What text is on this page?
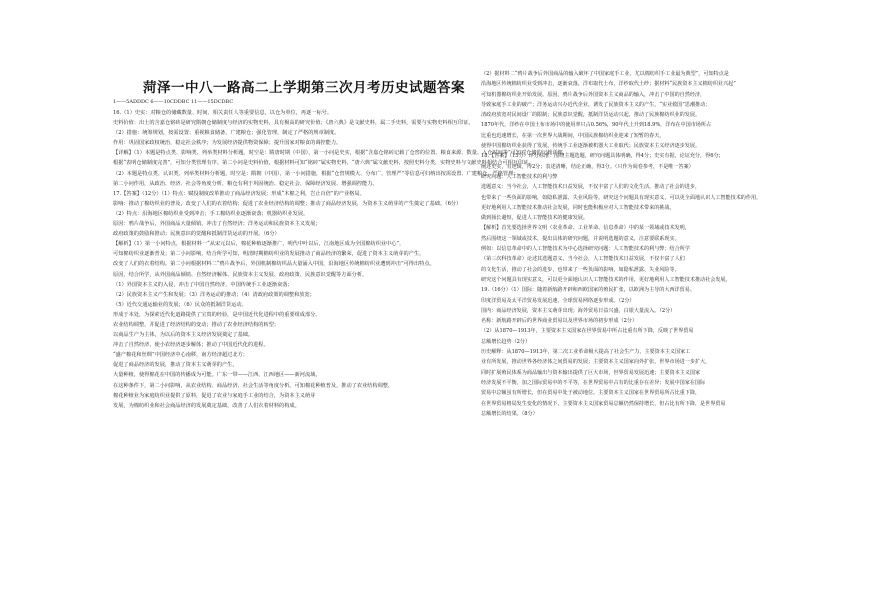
菏泽一中八一路高二上学期第三次月考历史试题答案
1——5ADDDC 6——10CDDBC 11——15DCDBC
16.（1）史实：对粮仓的储藏数量、时间、相关责任人等重要信息，以仓为单位，再逐一标号。
史料价值：出土的含嘉仓铭砖是研究隋朝仓储制度与经济的实物史料，具有极高的研究价值；《唐六典》是文献史料，属二手史料，需要与实物史料相互印证。
（2）措施：统筹规划，按需设置；重视粮食储备，广建粮仓；强化管理，制定了严格的规章制度。
作用：巩固国家政权统治，稳定社会秩序；为发展经济提供物资保障；提升国家对粮食的调控能力。
【详解】（1）本题是特点类、影响类、列举类材料分析题。时空是：隋唐时期（中国），第一小问是史实，根据“含嘉仓铭砖记载了仓窖的位置、粮食来源、数量、入仓时间等”可知对仓储的记载详细，
根据“表明仓储制度完善”，可知分类管理有序。第二小问是史料价值，根据材料可知“铭砖”属实物史料，“唐六典”属文献史料，按照史料分类，实物史料与文献史料相结合可相互印证。
（2）本题是特点类、认识类、列举类材料分析题，时空是：隋朝（中国），第一小问措施，根据“仓窖规模大、分布广、管理严”等信息可归纳出按需设置、广建粮仓、严格管理；
第二小问作用，从政治、经济、社会等角度分析，粮仓有利于巩固统治、稳定社会、保障经济发展、增强调控能力。
17.【答案】（12分）（1）特点：赋役制度改革推动了商品经济发展；形成“木棉之利，岂止百倍”的产业格局。
影响：推动了棉纺织业的普及，改变了人们的衣着结构；促进了农业经济结构的调整；推动了商品经济发展，为资本主义萌芽的产生奠定了基础。（6分）
（2）特点：沿海地区棉纺织业受到冲击；手工棉纺织业逐渐衰落；机器纺织业发展。
原因：鸦片战争后，外国商品大量倾销，冲击了自然经济；洋务运动和民族资本主义发展；
政府政策的鼓励和推动；民族意识的觉醒和抵制洋货运动的开展。（6分）
【解析】（1）第一小问特点，根据材料一“从宋元以后，棉花种植逐渐推广，明代中叶以后，江南地区成为全国棉纺织业中心”，
可知棉纺织业逐渐普及；第二小问影响，结合所学可知，明清时期棉纺织业的发展推动了商品经济的繁荣，促进了资本主义萌芽的产生，
改变了人们的衣着结构。第二小问根据材料二“鸦片战争后，外国机制棉纺织品大量涌入中国，沿海地区传统棉纺织业遭到冲击”可得出特点。
原因，结合所学，从外国商品倾销、自然经济解体、民族资本主义发展、政府政策、民族意识觉醒等方面分析。
（1）外国资本主义的入侵，冲击了中国自然经济，中国传统手工业逐渐衰落；
（2）民族资本主义产生和发展；（3）洋务运动的推动；（4）清政府政策的调整和放宽；
（5）近代交通运输业的发展；（6）民众的抵制洋货运动。
形成于本处，为探索近代化道路提供了宝贵的经验，是中国近代化进程中的重要组成部分。
农业结构调整，并促进了经济结构的变动；推动了农业经济结构的转型；
以商品生产为主体，为以后的资本主义经济发展奠定了基础。
冲击了自然经济，使小农经济逐步解体；推动了中国近代化的进程。
“盛产棉花和丝绸”中国经济中心南移，南方经济超过北方；
促进了商品经济的发展，推动了资本主义萌芽的产生。
大量种植，使得棉花在中国的传播成为可能。广东一带——江西、江西地区——新河流域，
在这种条件下，第二小问影响，从农业结构、商品经济、社会生活等角度分析。可知棉花种植普及，推动了农业结构调整，
棉花种植业为家庭纺织业提供了原料，促进了农业与家庭手工业的结合，为资本主义萌芽
发展，为棉纺织业和社会商品经济的发展奠定基础，改善了人们衣着材料的构成。
（2）据材料二“鸦片战争后外国商品的输入破坏了中国家庭手工业，尤以棉纺织手工业最为典型”，可知特点是
沿海地区传统棉纺织业受到冲击，逐渐衰落，洋布取代土布，洋纱取代土纱；据材料“民族资本主义棉纺织业兴起”
可知机器棉纺织业开始发展。原因，鸦片战争后外国资本主义商品的输入，冲击了中国的自然经济，
导致家庭手工业的破产；洋务运动兴办近代企业，诱发了民族资本主义的产生，“实业救国”思潮推动；
清政府放宽对民间设厂的限制；民族意识觉醒，抵制洋货运动兴起，推动了民族棉纺织业的发展。
1870年代，洋纱在中国土布市场中的使用率只占0.56%，90年代上升到18.9%，洋布在中国市场所占
比重也迅速增长，在第一次世界大战期间，中国民族棉纺织业迎来了短暂的春天，
使得中国棉纺织业获得了发展，传统手工业逐渐被机器大工业取代；民族资本主义经济逐步发展。
18.【答案】（15分）评分标准：围绕主题选题，研究问题具体明确，得4分；史实有据，论证充分，得6分；
阐述史实，有逻辑，得2分；表述清晰，结论正确，得3分。（只作为阅卷参考，不是唯一答案）
研究问题：人工智能技术的利与弊
选题意义：当今社会，人工智能技术日益发展，不仅丰富了人们的文化生活，推动了社会的进步，
也带来了一些负面的影响，如隐私泄露、失业风险等。研究这个问题具有现实意义，可以更全面地认识人工智能技术的作用，
更好地利用人工智能技术推动社会发展，同时也能积极应对人工智能技术带来的挑战，
做到扬长避短，促进人工智能技术的健康发展。
【解析】首先要选择世界文明（农业革命、工业革命、信息革命）中的某一领域或技术发明，
然后围绕这一领域或技术，提出具体的研究问题，并说明选题的意义，注意要联系现实。
例如：以信息革命中的人工智能技术为中心选择研究问题：人工智能技术的利与弊；结合所学
（第三次科技革命）论述其选题意义，当今社会，人工智能技术日益发展，不仅丰富了人们
的文化生活，推动了社会的进步，也带来了一些负面的影响，如隐私泄露、失业风险等。
研究这个问题具有现实意义，可以更全面地认识人工智能技术的作用，更好地利用人工智能技术推动社会发展。
19.（16分）（1）国际：随着新航路开辟和西欧国家的殖民扩张，以欧洲为主导的大西洋贸易、
印度洋贸易及太平洋贸易发展迅速，全球贸易网络逐步形成。（2分）
国内：商品经济发展，资本主义萌芽出现；海外贸易日益兴盛，白银大量流入。（2分）
名称：新航路开辟后的世界商业贸易以及世界市场的初步形成（2分）
（2）从1870—1913年，主要资本主义国家在世界贸易中所占比重有所下降，反映了世界贸易
总额增长趋势（2分）
历史解释：从1870—1913年，第二次工业革命极大提高了社会生产力，主要资本主义国家工
业有所发展，推动世界各经济体之间贸易的发展；主要资本主义国家向外扩张，世界市场进一步扩大，
同时扩展殖民体系为商品输出与资本输出提供了巨大市场，世界贸易发展迅速；主要资本主义国家
经济发展不平衡，加之国际贸易中的不平等，在世界贸易中占有的比重存在差异；发展中国家在国际
贸易中总额虽有所增长，但在贸易中处于被动地位。主要资本主义国家在世界贸易所占比重下降，
在世界贸易格局发生变化的情况下，主要资本主义国家贸易总额仍然保持增长，但占比有所下降，是世界贸易
总额增长的结果。（8分）
